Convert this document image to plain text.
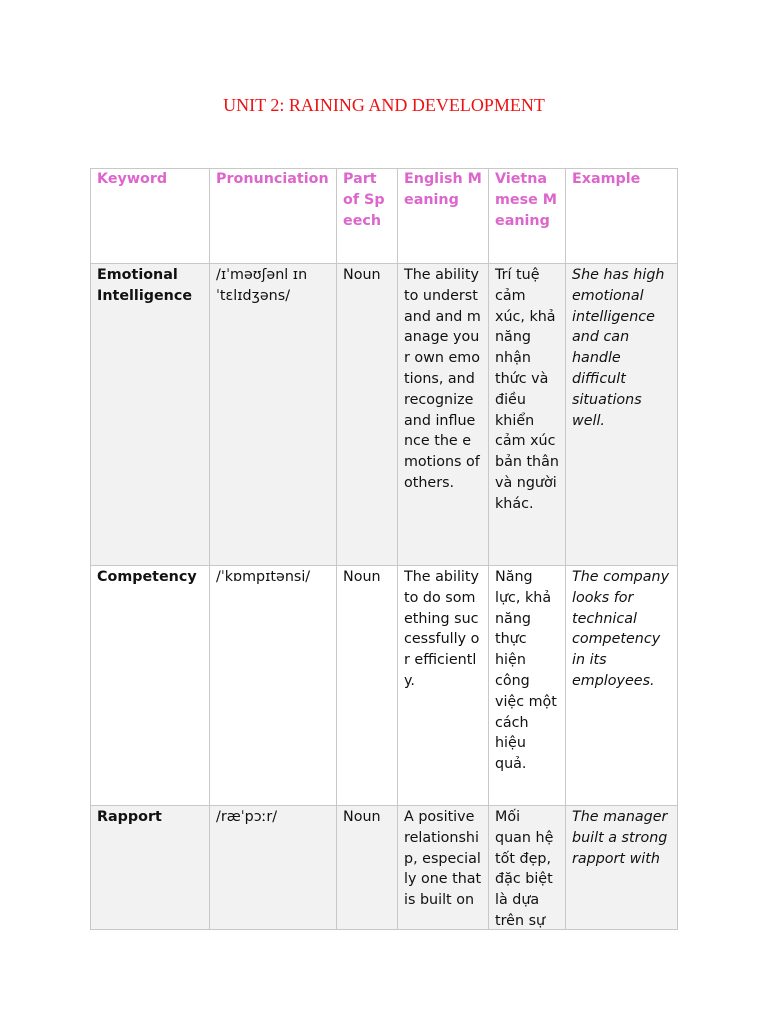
UNIT 2: RAINING AND DEVELOPMENT
Keyword	Pronunciation	Part of Speech	English Meaning	Vietnamese Meaning	Example

Emotional Intelligence	/ɪˈməʊʃənl ɪn ˈtɛlɪdʒəns/	Noun	The ability to understand and manage your own emotions, and recognize and influence the emotions of others.	Trí tuệ cảm xúc, khả năng nhận thức và điều khiển cảm xúc bản thân và người khác.	She has high emotional intelligence and can handle difficult situations well.

Competency	/ˈkɒmpɪtənsi/	Noun	The ability to do something successfully or efficiently.	Năng lực, khả năng thực hiện công việc một cách hiệu quả.	The company looks for technical competency in its employees.

Rapport	/ræˈpɔːr/	Noun	A positive relationship, especially one that is built on	Mối quan hệ tốt đẹp, đặc biệt là dựa trên sự	The manager built a strong rapport with
